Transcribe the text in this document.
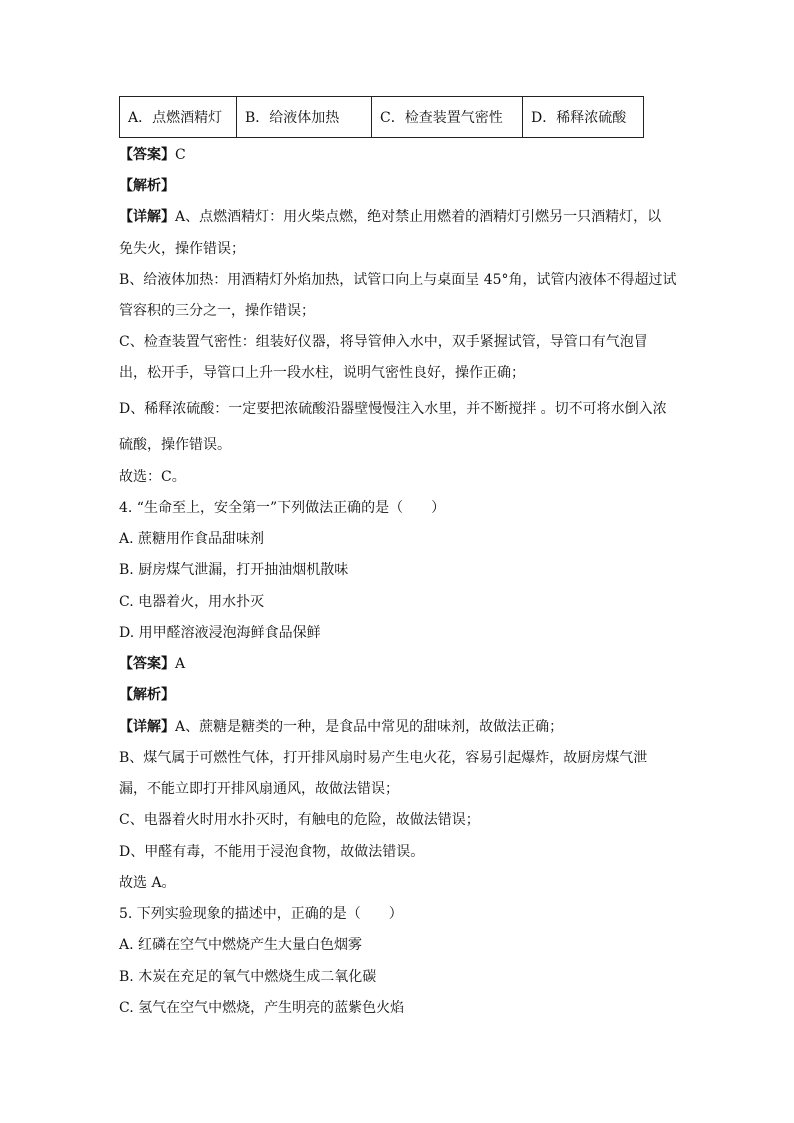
A．点燃酒精灯	B．给液体加热	C．检查装置气密性	D．稀释浓硫酸
【答案】C
【解析】
【详解】A、点燃酒精灯：用火柴点燃，绝对禁止用燃着的酒精灯引燃另一只酒精灯，以
免失火，操作错误；
B、给液体加热：用酒精灯外焰加热，试管口向上与桌面呈 45°角，试管内液体不得超过试
管容积的三分之一，操作错误；
C、检查装置气密性：组装好仪器，将导管伸入水中，双手紧握试管，导管口有气泡冒
出，松开手，导管口上升一段水柱，说明气密性良好，操作正确；
D、稀释浓硫酸：一定要把浓硫酸沿器壁慢慢注入水里，并不断搅拌 。切不可将水倒入浓
硫酸，操作错误。
故选：C。
4. “生命至上，安全第一”下列做法正确的是（　　）
A. 蔗糖用作食品甜味剂
B. 厨房煤气泄漏，打开抽油烟机散味
C. 电器着火，用水扑灭
D. 用甲醛溶液浸泡海鲜食品保鲜
【答案】A
【解析】
【详解】A、蔗糖是糖类的一种，是食品中常见的甜味剂，故做法正确；
B、煤气属于可燃性气体，打开排风扇时易产生电火花，容易引起爆炸，故厨房煤气泄
漏，不能立即打开排风扇通风，故做法错误；
C、电器着火时用水扑灭时，有触电的危险，故做法错误；
D、甲醛有毒，不能用于浸泡食物，故做法错误。
故选 A。
5. 下列实验现象的描述中，正确的是（　　）
A. 红磷在空气中燃烧产生大量白色烟雾
B. 木炭在充足的氧气中燃烧生成二氧化碳
C. 氢气在空气中燃烧，产生明亮的蓝紫色火焰
